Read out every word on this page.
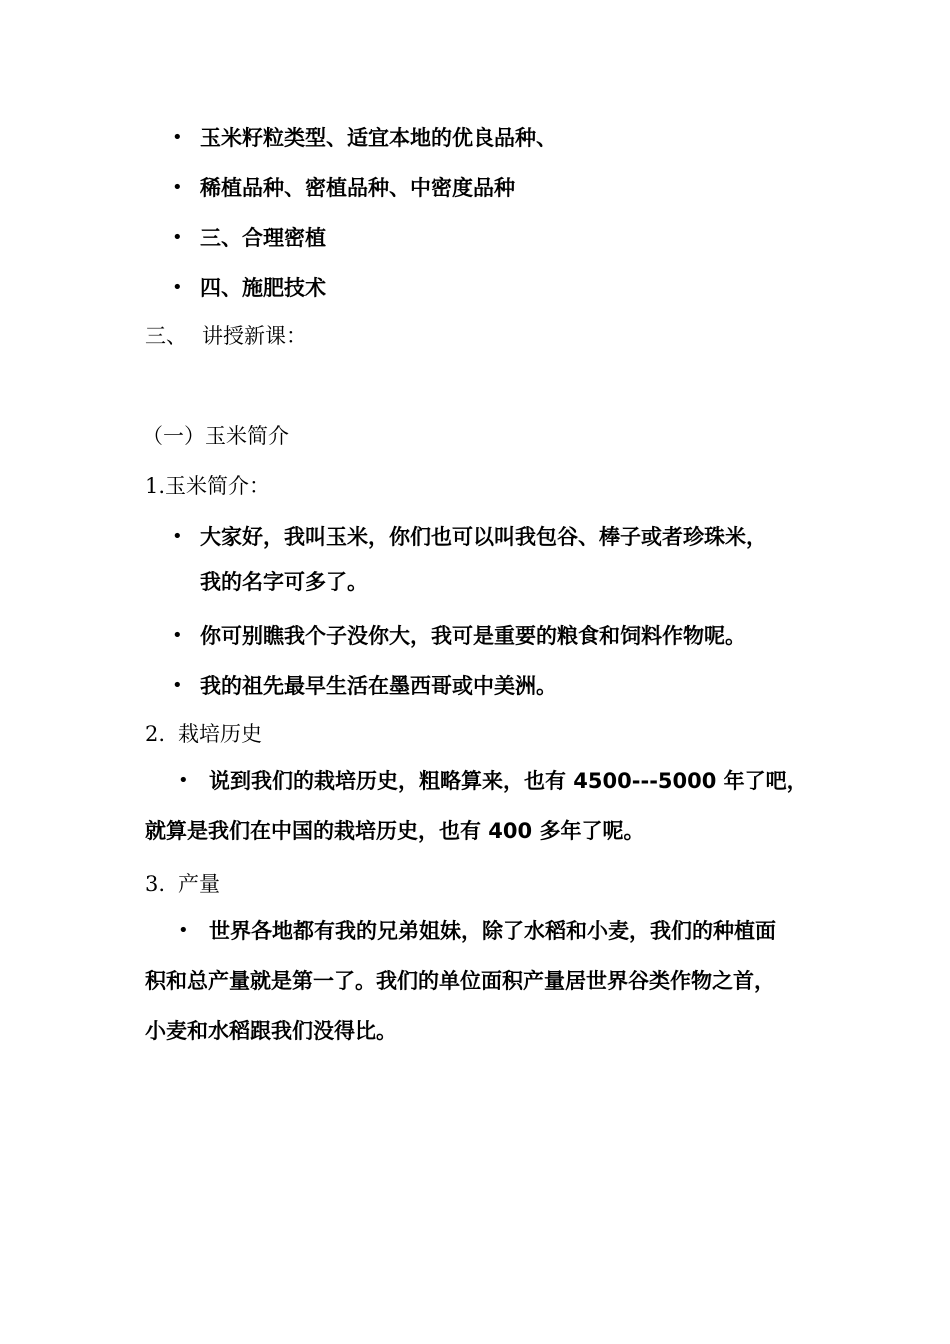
• 玉米籽粒类型、适宜本地的优良品种、
• 稀植品种、密植品种、中密度品种
• 三、合理密植
• 四、施肥技术
三、 讲授新课：
（一）玉米简介
1.玉米简介：
• 大家好，我叫玉米，你们也可以叫我包谷、棒子或者珍珠米，
我的名字可多了。
• 你可别瞧我个子没你大，我可是重要的粮食和饲料作物呢。
• 我的祖先最早生活在墨西哥或中美洲。
2. 栽培历史
• 说到我们的栽培历史，粗略算来，也有 4500---5000 年了吧，
就算是我们在中国的栽培历史，也有 400 多年了呢。
3. 产量
• 世界各地都有我的兄弟姐妹，除了水稻和小麦，我们的种植面
积和总产量就是第一了。我们的单位面积产量居世界谷类作物之首，
小麦和水稻跟我们没得比。
